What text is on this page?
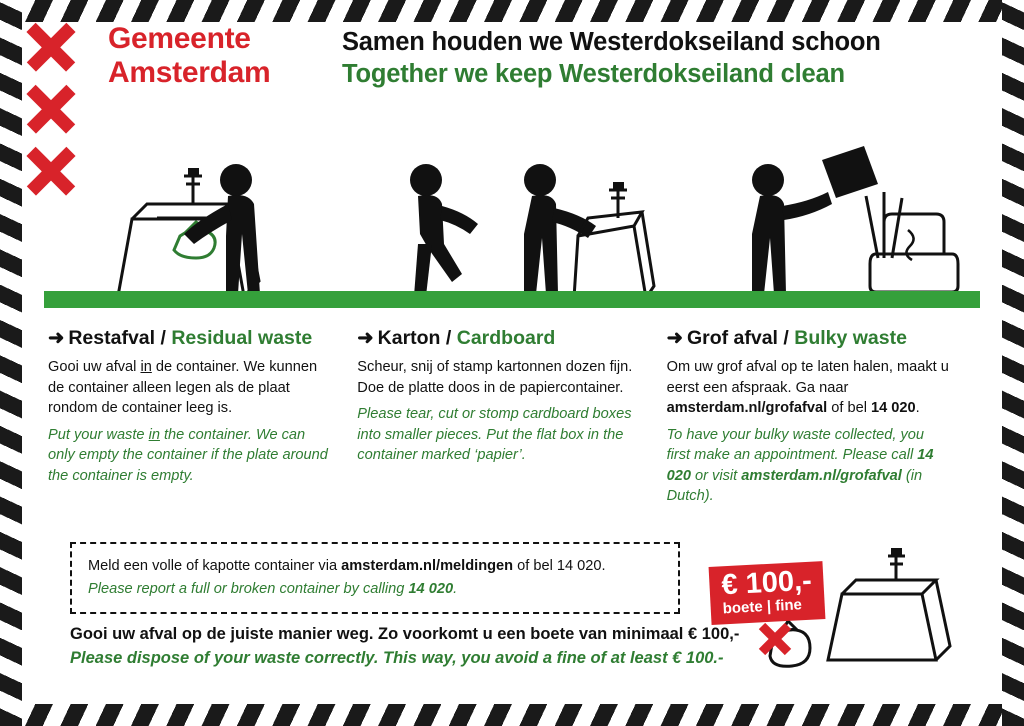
Gemeente
Amsterdam
Samen houden we Westerdokseiland schoon
Together we keep Westerdokseiland clean
➜ Restafval / Residual waste

Gooi uw afval in de container. We kunnen de container alleen legen als de plaat rondom de container leeg is.

Put your waste in the container. We can only empty the container if the plate around the container is empty.

➜ Karton / Cardboard

Scheur, snij of stamp kartonnen dozen fijn. Doe de platte doos in de papiercontainer.

Please tear, cut or stomp cardboard boxes into smaller pieces. Put the flat box in the container marked ‘papier’.

➜ Grof afval / Bulky waste

Om uw grof afval op te laten halen, maakt u eerst een afspraak. Ga naar amsterdam.nl/grofafval of bel 14 020.

To have your bulky waste collected, you first make an appointment. Please call 14 020 or visit amsterdam.nl/grofafval (in Dutch).

Meld een volle of kapotte container via amsterdam.nl/meldingen of bel 14 020.

Please report a full or broken container by calling 14 020.	€ 100,-
boete | fine

Gooi uw afval op de juiste manier weg. Zo voorkomt u een boete van minimaal € 100,-

Please dispose of your waste correctly. This way, you avoid a fine of at least € 100.-
